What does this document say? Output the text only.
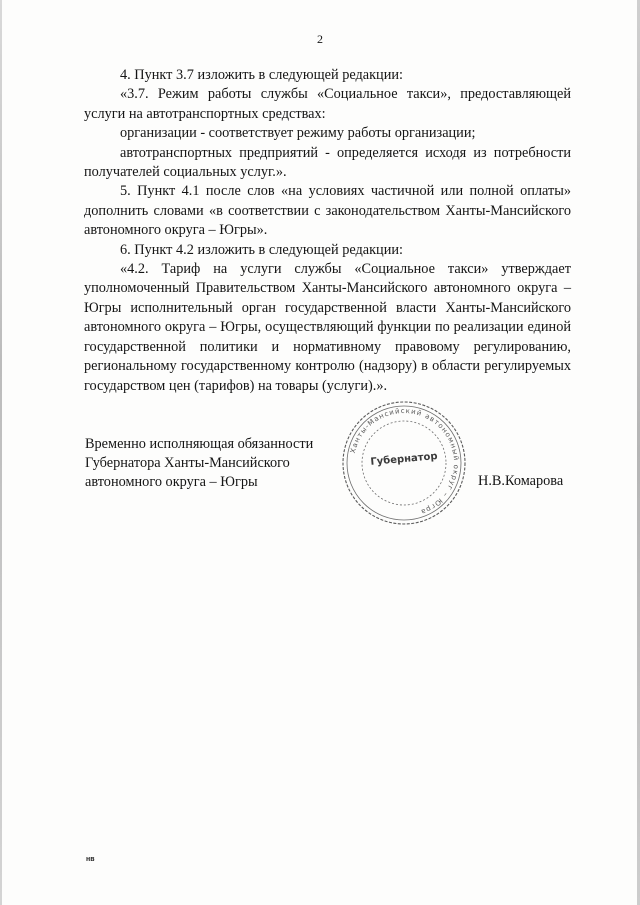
2

4. Пункт 3.7 изложить в следующей редакции:

«3.7. Режим работы службы «Социальное такси», предоставляющей услуги на автотранспортных средствах:

организации - соответствует режиму работы организации;

автотранспортных предприятий - определяется исходя из потребности получателей социальных услуг.».

5. Пункт 4.1 после слов «на условиях частичной или полной оплаты» дополнить словами «в соответствии с законодательством Ханты-Мансийского автономного округа – Югры».

6. Пункт 4.2 изложить в следующей редакции:

«4.2. Тариф на услуги службы «Социальное такси» утверждает уполномоченный Правительством Ханты-Мансийского автономного округа – Югры исполнительный орган государственной власти Ханты-Мансийского автономного округа – Югры, осуществляющий функции по реализации единой государственной политики и нормативному правовому регулированию, региональному государственному контролю (надзору) в области регулируемых государством цен (тарифов) на товары (услуги).».

Временно исполняющая обязанности
Губернатора Ханты-Мансийского
автономного округа – Югры
Ханты-Мансийский автономный округ – Югра
Губернатор
Н.В.Комарова
нв
